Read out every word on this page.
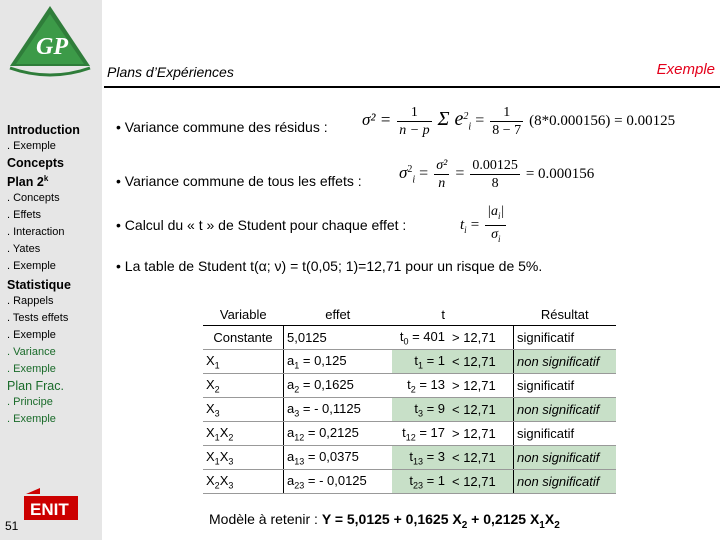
GP
Introduction
. Exemple
Concepts
Plan 2$^k$
. Concepts
. Effets
. Interaction
. Yates
. Exemple
Statistique
. Rappels
. Tests effets
. Exemple
. Variance
. Exemple
Plan Frac.
. Principe
. Exemple
ENIT
51
Plans d’Expériences	Exemple
• Variance commune des résidus :
• Variance commune de tous les effets :
• Calcul du « t » de Student pour chaque effet :
• La table de Student t(α; ν) = t(0,05; 1)=12,71 pour un risque de 5%.
$\sigma^2 = \frac{1}{n - p}$ Σ $e^2_i = \frac{1}{8 - 7} (8*0.000156) = 0.00125$
$\sigma^2_i = \frac{\text{σ²}}{n} = \frac{0.00125}{8} = 0.000156$
$t_i = \frac{|a_i|}{\sigma_i}$
Variable	effet	t		Résultat
Constante	5,0125	$t_0 = 401$	> 12,71	significatif
$X_1$	$a_1 = 0,125$	$t_1 = 1$	< 12,71	non significatif
$X_2$	$a_2 = 0,1625$	$t_2 = 13$	> 12,71	significatif
$X_3$	$a_3$ = - 0,1125	$t_3 = 9$	< 12,71	non significatif
$X_1X_2$	$a_{12} = 0,2125$	$t_{12} = 17$	> 12,71	significatif
$X_1X_3$	$a_{13} = 0,0375$	$t_{13} = 3$	< 12,71	non significatif
$X_2X_3$	$a_{23}$ = - 0,0125	$t_{23} = 1$	< 12,71	non significatif
Modèle à retenir : Y = 5,0125 + 0,1625 $X_2 + 0,2125$ $X_1X_2$
